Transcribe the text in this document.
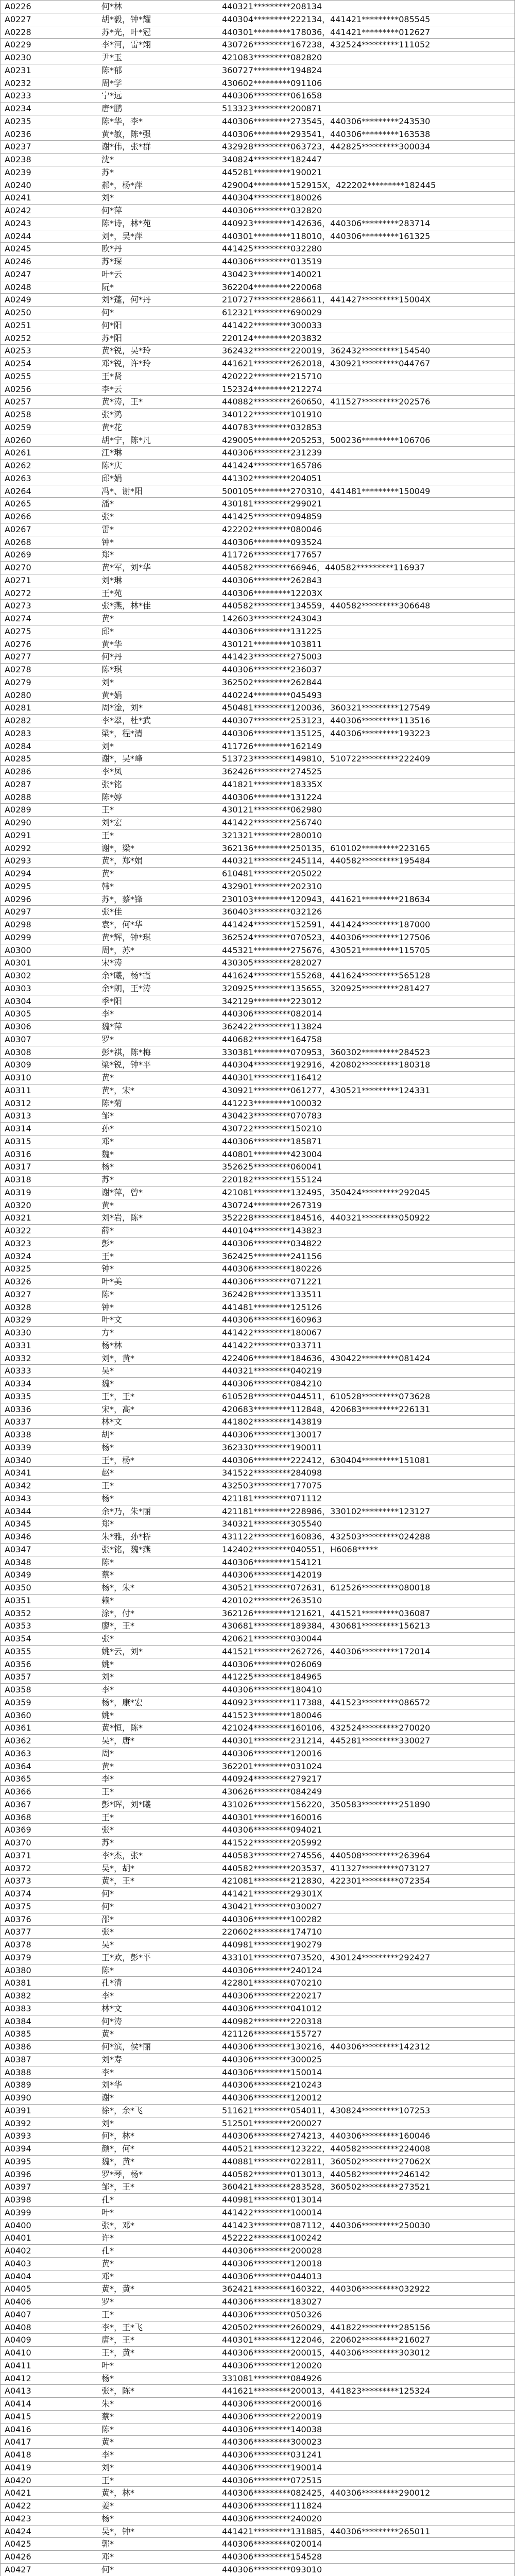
A0226	何*林	440321*********208134
A0227	胡*毅，钟*耀	440304*********222134，441421*********085545
A0228	苏*光，叶*冠	440301*********178036，441421*********012627
A0229	李*河，雷*翊	430726*********167238，432524*********111052
A0230	尹*玉	421083*********082820
A0231	陈*郁	360727*********194824
A0232	周*学	430602*********091106
A0233	宁*远	440306*********061658
A0234	唐*鹏	513323*********200871
A0235	陈*华，李*	440306*********273545，440306*********243530
A0236	黄*敏，陈*强	440306*********293541，440306*********163538
A0237	谢*伟，张*群	432928*********063723，442825*********300034
A0238	沈*	340824*********182447
A0239	苏*	445281*********190021
A0240	郝*，杨*萍	429004*********152915X，422202*********182445
A0241	刘*	440304*********180026
A0242	何*萍	440306*********032820
A0243	陈*诗，林*苑	440923*********142636，440306*********283714
A0244	刘*，吴*萍	440301*********118010，440306*********161325
A0245	欧*丹	441425*********032280
A0246	苏*琛	440306*********013519
A0247	叶*云	430423*********140021
A0248	阮*	362204*********220068
A0249	刘*蓬，何*丹	210727*********286611，441427*********15004X
A0250	何*	612321*********690029
A0251	何*阳	441422*********300033
A0252	苏*阳	220124*********203832
A0253	黄*锐，吴*玲	362432*********220019，362432*********154540
A0254	邓*锐，许*玲	441621*********262018，430921*********044767
A0255	王*贤	420222*********215710
A0256	李*云	152324*********212274
A0257	黄*涛，王*	440882*********260650，411527*********202576
A0258	张*鸿	340122*********101910
A0259	黄*花	440783*********032853
A0260	胡*宁，陈*凡	429005*********205253，500236*********106706
A0261	江*琳	440306*********231239
A0262	陈*庆	441424*********165786
A0263	邱*娟	441302*********204051
A0264	冯*、谢*阳	500105*********270310，441481*********150049
A0265	潘*	430181*********299021
A0266	张*	441425*********094859
A0267	雷*	422202*********080046
A0268	钟*	440306*********093524
A0269	郑*	411726*********177657
A0270	黄*军，刘*华	440582*********66946，440582*********116937
A0271	刘*琳	440306*********262843
A0272	王*苑	440306*********12203X
A0273	张*燕，林*佳	440582*********134559，440582*********306648
A0274	黄*	142603*********243043
A0275	邱*	440306*********131225
A0276	黄*华	430121*********103811
A0277	何*丹	441423*********275003
A0278	陈*琪	440306*********236037
A0279	刘*	362502*********262844
A0280	黄*娟	440224*********045493
A0281	周*淦，刘*	450481*********120036，360321*********127549
A0282	李*翠，杜*武	440307*********253123，440306*********113516
A0283	梁*，程*清	440306*********135125，440306*********193223
A0284	刘*	411726*********162149
A0285	谢*，吴*峰	513723*********149810，510722*********222409
A0286	李*凤	362426*********274525
A0287	张*铭	441821*********18335X
A0288	陈*婷	440306*********131224
A0289	王*	430121*********062980
A0290	刘*宏	441422*********256740
A0291	王*	321321*********280010
A0292	谢*，梁*	362136*********250135，610102*********223165
A0293	黄*，郑*娟	440321*********245114，440582*********195484
A0294	黄*	610481*********205022
A0295	韩*	432901*********202310
A0296	苏*，蔡*锋	230103*********120943，441621*********218634
A0297	张*佳	360403*********032126
A0298	袁*，何*华	441424*********152591，441424*********187000
A0299	黄*辉，钟*琪	362524*********070523，440306*********127506
A0300	周*，苏*	445321*********275676，430521*********115705
A0301	宋*涛	430305*********282027
A0302	余*曦，杨*霞	441624*********155268，441624*********565128
A0303	余*朗，王*涛	320925*********135655，320925*********281427
A0304	季*阳	342129*********223012
A0305	李*	440306*********082014
A0306	魏*萍	362422*********113824
A0307	罗*	440682*********164758
A0308	彭*祺，陈*梅	330381*********070953，360302*********284523
A0309	梁*锐，钟*平	440304*********192916，420802*********180318
A0310	黄*	440301*********116412
A0311	黄*，宋*	430921*********061277，430521*********124331
A0312	陈*菊	441223*********100032
A0313	邹*	430423*********070783
A0314	孙*	430722*********150210
A0315	邓*	440306*********185871
A0316	魏*	440801*********423004
A0317	杨*	352625*********060041
A0318	苏*	220182*********155124
A0319	谢*萍，曾*	421081*********132495，350424*********292045
A0320	黄*	430724*********267319
A0321	刘*岩，陈*	352228*********184516，440321*********050922
A0322	薛*	440104*********143823
A0323	彭*	440306*********034822
A0324	王*	362425*********241156
A0325	钟*	440306*********180226
A0326	叶*美	440306*********071221
A0327	陈*	362428*********133511
A0328	钟*	441481*********125126
A0329	叶*文	440306*********160963
A0330	方*	441422*********180067
A0331	杨*林	441422*********033711
A0332	刘*，黄*	422406*********184636，430422*********081424
A0333	吴*	440321*********040219
A0334	魏*	440306*********084210
A0335	王*，王*	610528*********044511，610528*********073628
A0336	宋*，高*	420683*********112848，420683*********226131
A0337	林*文	441802*********143819
A0338	胡*	440306*********130017
A0339	杨*	362330*********190011
A0340	王*，杨*	440306*********222412，630404*********151081
A0341	赵*	341522*********284098
A0342	王*	432503*********177075
A0343	杨*	421181*********071112
A0344	余*乃，朱*丽	421181*********228986，330102*********123127
A0345	郑*	340321*********305540
A0346	朱*雅，孙*桥	431122*********160836，432503*********024288
A0347	张*铭，魏*燕	142402*********040551，H6068*****
A0348	陈*	440306*********154121
A0349	蔡*	440306*********142019
A0350	杨*，朱*	430521*********072631，612526*********080018
A0351	赖*	420102*********263510
A0352	涂*，付*	362126*********121621，441521*********036087
A0353	廖*，王*	430681*********189384，430681*********156213
A0354	张*	420621*********030044
A0355	姚*云，刘*	441521*********262726，440306*********172014
A0356	姚*	440306*********026069
A0357	刘*	441225*********184965
A0358	李*	440306*********180410
A0359	杨*，康*宏	440923*********117388，441523*********086572
A0360	姚*	441523*********180046
A0361	黄*恒，陈*	421024*********160106，432524*********270020
A0362	吴*，唐*	440301*********231214，445281*********330027
A0363	周*	440306*********120016
A0364	黄*	362201*********031024
A0365	李*	440924*********279217
A0366	王*	430626*********084249
A0367	彭*晖，刘*曦	431026*********156220，350583*********251890
A0368	王*	440301*********160016
A0369	张*	440306*********094021
A0370	苏*	441522*********205992
A0371	李*杰，张*	440583*********274556，440508*********263964
A0372	吴*，胡*	440582*********203537，411327*********073127
A0373	黄*，王*	421081*********212830，422301*********072354
A0374	何*	441421*********29301X
A0375	何*	430421*********030027
A0376	邵*	440306*********100282
A0377	张*	220602*********174710
A0378	吴*	440981*********190279
A0379	王*欢，彭*平	433101*********073520，430124*********292427
A0380	陈*	440306*********240124
A0381	孔*清	422801*********070210
A0382	李*	440306*********220217
A0383	林*文	440306*********041012
A0384	何*涛	440982*********220318
A0385	黄*	421126*********155727
A0386	何*滨，侯*丽	440306*********130216，440306*********142312
A0387	刘*寿	440306*********300025
A0388	李*	440306*********150014
A0389	刘*华	440306*********210243
A0390	谢*	440306*********120012
A0391	徐*，余*飞	511621*********054011，430824*********107253
A0392	刘*	512501*********200027
A0393	何*，林*	440306*********274213，440306*********160046
A0394	颜*，何*	440521*********123222，440582*********224008
A0395	魏*，黄*	440881*********022811，360502*********27062X
A0396	罗*琴，杨*	440582*********013013，440582*********246142
A0397	邹*，王*	360421*********283528，360502*********273521
A0398	孔*	440981*********013014
A0399	叶*	441422*********100014
A0400	张*，邓*	441423*********087112，440306*********250030
A0401	许*	452222*********100242
A0402	孔*	440306*********200028
A0403	黄*	440306*********120018
A0404	邓*	440306*********044013
A0405	黄*，黄*	362421*********160322，440306*********032922
A0406	罗*	440306*********183027
A0407	王*	440306*********050326
A0408	李*，王*飞	420502*********260029，441822*********285156
A0409	唐*，王*	440301*********122046，220602*********216027
A0410	王*，黄*	440306*********200015，440306*********303012
A0411	叶*	440306*********120020
A0412	杨*	331081*********084926
A0413	张*，陈*	441621*********200013，441823*********125324
A0414	朱*	440306*********200016
A0415	蔡*	440306*********220019
A0416	陈*	440306*********140038
A0417	黄*	440306*********300023
A0418	李*	440306*********031241
A0419	刘*	440306*********190014
A0420	王*	440306*********072515
A0421	黄*，林*	440306*********082425，440306*********290012
A0422	姜*	440306*********111824
A0423	杨*	440306*********240020
A0424	吴*，钟*	441421*********131885，440306*********265011
A0425	郭*	440306*********020014
A0426	邓*	440306*********154528
A0427	何*	440306*********093010
